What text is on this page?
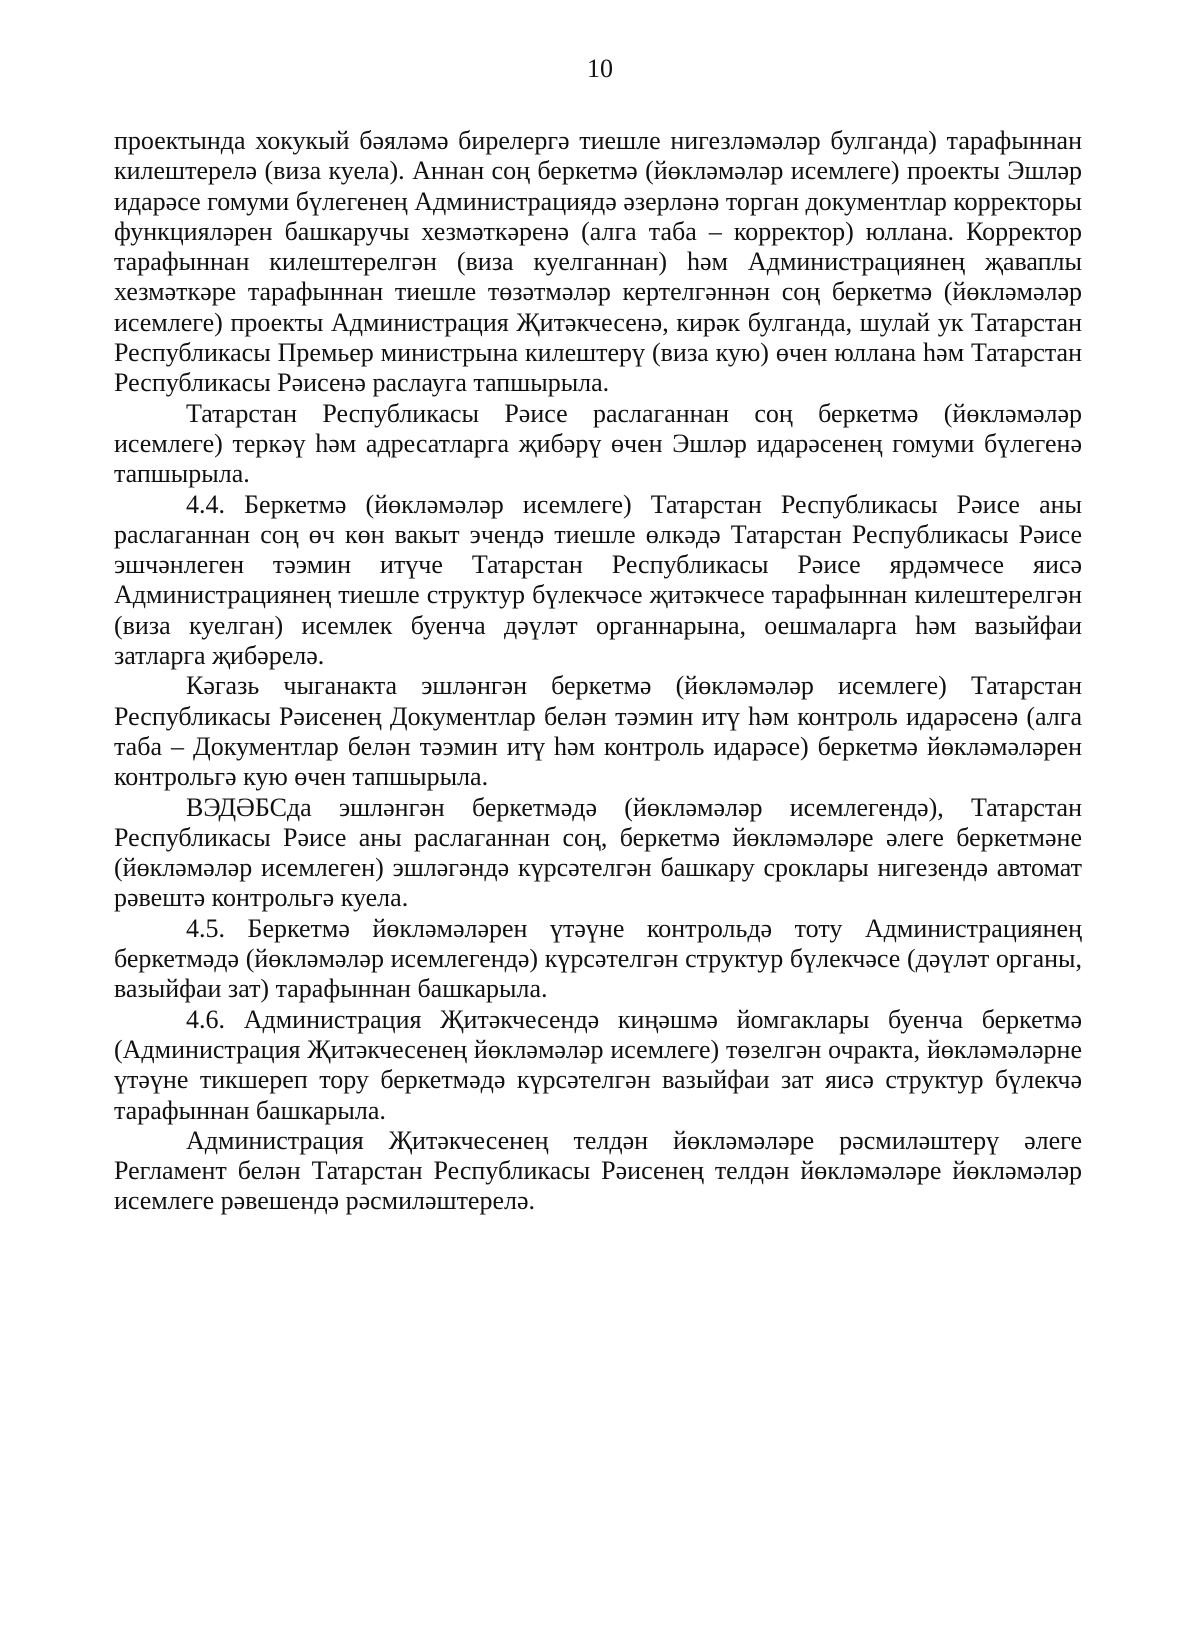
10

проектында хокукый бәяләмә бирелергә тиешле нигезләмәләр булганда) тарафыннан килештерелә (виза куела). Аннан соң беркетмә (йөкләмәләр исемлеге) проекты Эшләр идарәсе гомуми бүлегенең Администрациядә әзерләнә торган документлар корректоры функцияләрен башкаручы хезмәткәренә (алга таба – корректор) юллана. Корректор тарафыннан килештерелгән (виза куелганнан) һәм Администрациянең җаваплы хезмәткәре тарафыннан тиешле төзәтмәләр кертелгәннән соң беркетмә (йөкләмәләр исемлеге) проекты Администрация Җитәкчесенә, кирәк булганда, шулай ук Татарстан Республикасы Премьер министрына килештерү (виза кую) өчен юллана һәм Татарстан Республикасы Рәисенә раслауга тапшырыла.

Татарстан Республикасы Рәисе раслаганнан соң беркетмә (йөкләмәләр исемлеге) теркәү һәм адресатларга җибәрү өчен Эшләр идарәсенең гомуми бүлегенә тапшырыла.

4.4. Беркетмә (йөкләмәләр исемлеге) Татарстан Республикасы Рәисе аны раслаганнан соң өч көн вакыт эчендә тиешле өлкәдә Татарстан Республикасы Рәисе эшчәнлеген тәэмин итүче Татарстан Республикасы Рәисе ярдәмчесе яисә Администрациянең тиешле структур бүлекчәсе җитәкчесе тарафыннан килештерелгән (виза куелган) исемлек буенча дәүләт органнарына, оешмаларга һәм вазыйфаи затларга җибәрелә.

Кәгазь чыганакта эшләнгән беркетмә (йөкләмәләр исемлеге) Татарстан Республикасы Рәисенең Документлар белән тәэмин итү һәм контроль идарәсенә (алга таба – Документлар белән тәэмин итү һәм контроль идарәсе) беркетмә йөкләмәләрен контрольгә кую өчен тапшырыла.

ВЭДӘБСда эшләнгән беркетмәдә (йөкләмәләр исемлегендә), Татарстан Республикасы Рәисе аны раслаганнан соң, беркетмә йөкләмәләре әлеге беркетмәне (йөкләмәләр исемлеген) эшләгәндә күрсәтелгән башкару сроклары нигезендә автомат рәвештә контрольгә куела.

4.5. Беркетмә йөкләмәләрен үтәүне контрольдә тоту Администрациянең беркетмәдә (йөкләмәләр исемлегендә) күрсәтелгән структур бүлекчәсе (дәүләт органы, вазыйфаи зат) тарафыннан башкарыла.

4.6. Администрация Җитәкчесендә киңәшмә йомгаклары буенча беркетмә (Администрация Җитәкчесенең йөкләмәләр исемлеге) төзелгән очракта, йөкләмәләрне үтәүне тикшереп тору беркетмәдә күрсәтелгән вазыйфаи зат яисә структур бүлекчә тарафыннан башкарыла.

Администрация Җитәкчесенең телдән йөкләмәләре рәсмиләштерү әлеге Регламент белән Татарстан Республикасы Рәисенең телдән йөкләмәләре йөкләмәләр исемлеге рәвешендә рәсмиләштерелә.
